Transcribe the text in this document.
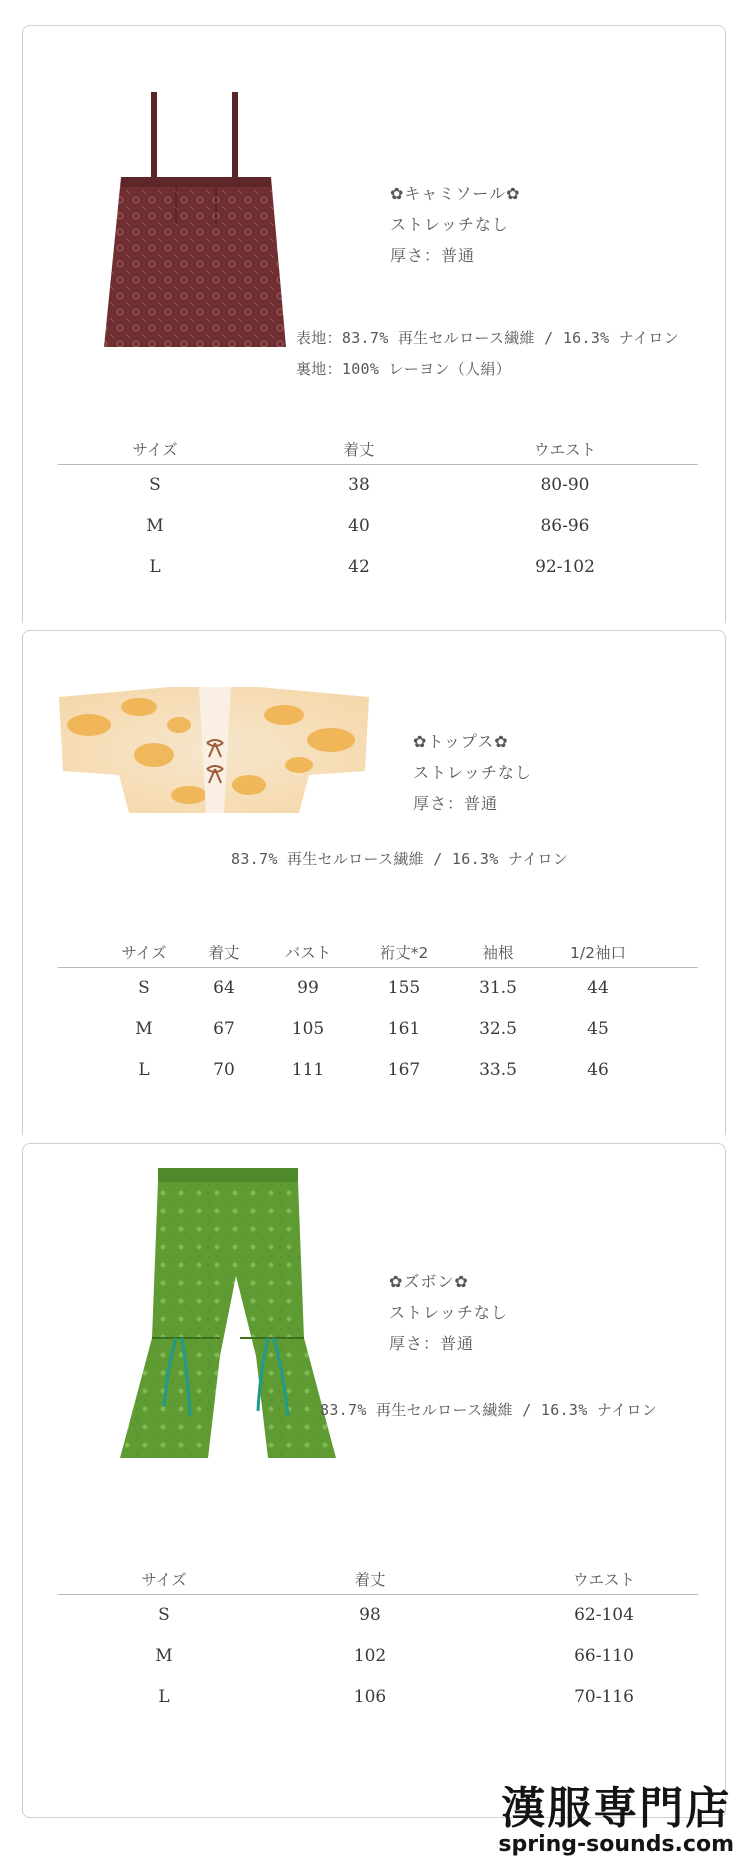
✿キャミソール✿
ストレッチなし
厚さ：普通
表地：83.7% 再生セルロース繊維 / 16.3% ナイロン
裏地：100% レーヨン（人絹）
サイズ	着丈	ウエスト
S	38	80-90
M	40	86-96
L	42	92-102
✿トップス✿
ストレッチなし
厚さ：普通
83.7% 再生セルロース繊維 / 16.3% ナイロン
サイズ	着丈	バスト	裄丈*2	袖根	1/2袖口
S	64	99	155	31.5	44
M	67	105	161	32.5	45
L	70	111	167	33.5	46
✿ズボン✿
ストレッチなし
厚さ：普通
83.7% 再生セルロース繊維 / 16.3% ナイロン
サイズ	着丈	ウエスト
S	98	62-104
M	102	66-110
L	106	70-116
漢服専門店
spring-sounds.com
